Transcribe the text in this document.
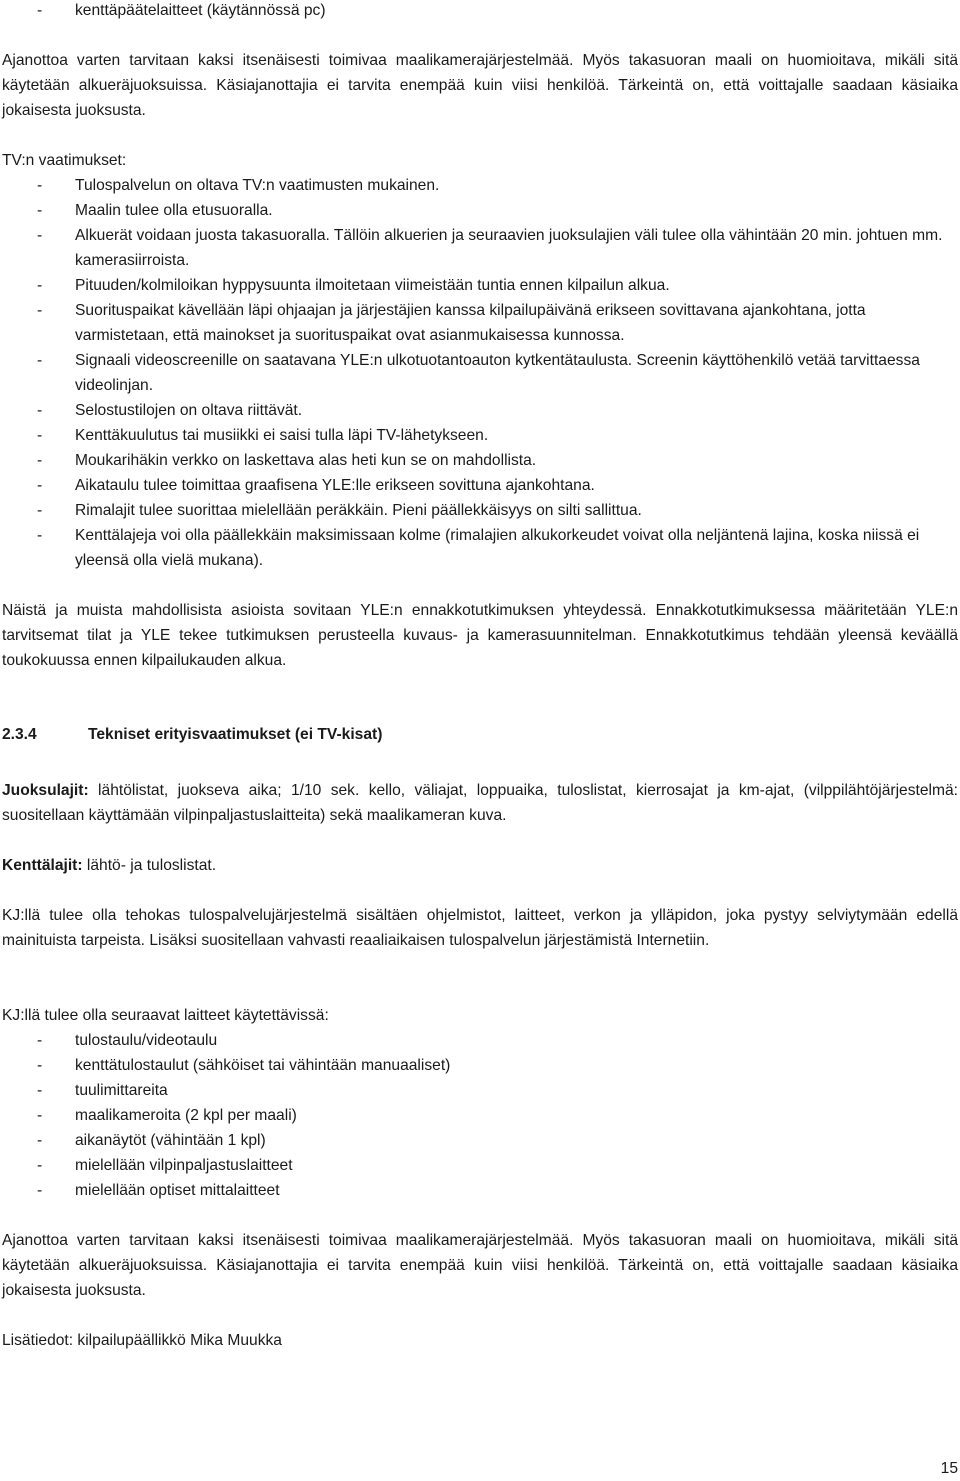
- kenttäpäätelaitteet (käytännössä pc)

Ajanottoa varten tarvitaan kaksi itsenäisesti toimivaa maalikamerajärjestelmää. Myös takasuoran maali on huomioitava, mikäli sitä käytetään alkueräjuoksuissa. Käsiajanottajia ei tarvita enempää kuin viisi henkilöä. Tärkeintä on, että voittajalle saadaan käsiaika jokaisesta juoksusta.

TV:n vaatimukset:

- Tulospalvelun on oltava TV:n vaatimusten mukainen.
- Maalin tulee olla etusuoralla.
- Alkuerät voidaan juosta takasuoralla. Tällöin alkuerien ja seuraavien juoksulajien väli tulee olla vähintään 20 min. johtuen mm. kamerasiirroista.
- Pituuden/kolmiloikan hyppysuunta ilmoitetaan viimeistään tuntia ennen kilpailun alkua.
- Suorituspaikat kävellään läpi ohjaajan ja järjestäjien kanssa kilpailupäivänä erikseen sovittavana ajankohtana, jotta varmistetaan, että mainokset ja suorituspaikat ovat asianmukaisessa kunnossa.
- Signaali videoscreenille on saatavana YLE:n ulkotuotantoauton kytkentätaulusta. Screenin käyttöhenkilö vetää tarvittaessa videolinjan.
- Selostustilojen on oltava riittävät.
- Kenttäkuulutus tai musiikki ei saisi tulla läpi TV-lähetykseen.
- Moukarihäkin verkko on laskettava alas heti kun se on mahdollista.
- Aikataulu tulee toimittaa graafisena YLE:lle erikseen sovittuna ajankohtana.
- Rimalajit tulee suorittaa mielellään peräkkäin. Pieni päällekkäisyys on silti sallittua.
- Kenttälajeja voi olla päällekkäin maksimissaan kolme (rimalajien alkukorkeudet voivat olla neljäntenä lajina, koska niissä ei yleensä olla vielä mukana).

Näistä ja muista mahdollisista asioista sovitaan YLE:n ennakkotutkimuksen yhteydessä. Ennakkotutkimuksessa määritetään YLE:n tarvitsemat tilat ja YLE tekee tutkimuksen perusteella kuvaus- ja kamerasuunnitelman. Ennakkotutkimus tehdään yleensä keväällä toukokuussa ennen kilpailukauden alkua.

2.3.4	Tekniset erityisvaatimukset (ei TV-kisat)

Juoksulajit: lähtölistat, juokseva aika; 1/10 sek. kello, väliajat, loppuaika, tuloslistat, kierrosajat ja km-ajat, (vilppilähtöjärjestelmä: suositellaan käyttämään vilpinpaljastuslaitteita) sekä maalikameran kuva.

Kenttälajit: lähtö- ja tuloslistat.

KJ:llä tulee olla tehokas tulospalvelujärjestelmä sisältäen ohjelmistot, laitteet, verkon ja ylläpidon, joka pystyy selviytymään edellä mainituista tarpeista. Lisäksi suositellaan vahvasti reaaliaikaisen tulospalvelun järjestämistä Internetiin.

KJ:llä tulee olla seuraavat laitteet käytettävissä:

- tulostaulu/videotaulu
- kenttätulostaulut (sähköiset tai vähintään manuaaliset)
- tuulimittareita
- maalikameroita (2 kpl per maali)
- aikanäytöt (vähintään 1 kpl)
- mielellään vilpinpaljastuslaitteet
- mielellään optiset mittalaitteet

Ajanottoa varten tarvitaan kaksi itsenäisesti toimivaa maalikamerajärjestelmää. Myös takasuoran maali on huomioitava, mikäli sitä käytetään alkueräjuoksuissa. Käsiajanottajia ei tarvita enempää kuin viisi henkilöä. Tärkeintä on, että voittajalle saadaan käsiaika jokaisesta juoksusta.

Lisätiedot: kilpailupäällikkö Mika Muukka

15
